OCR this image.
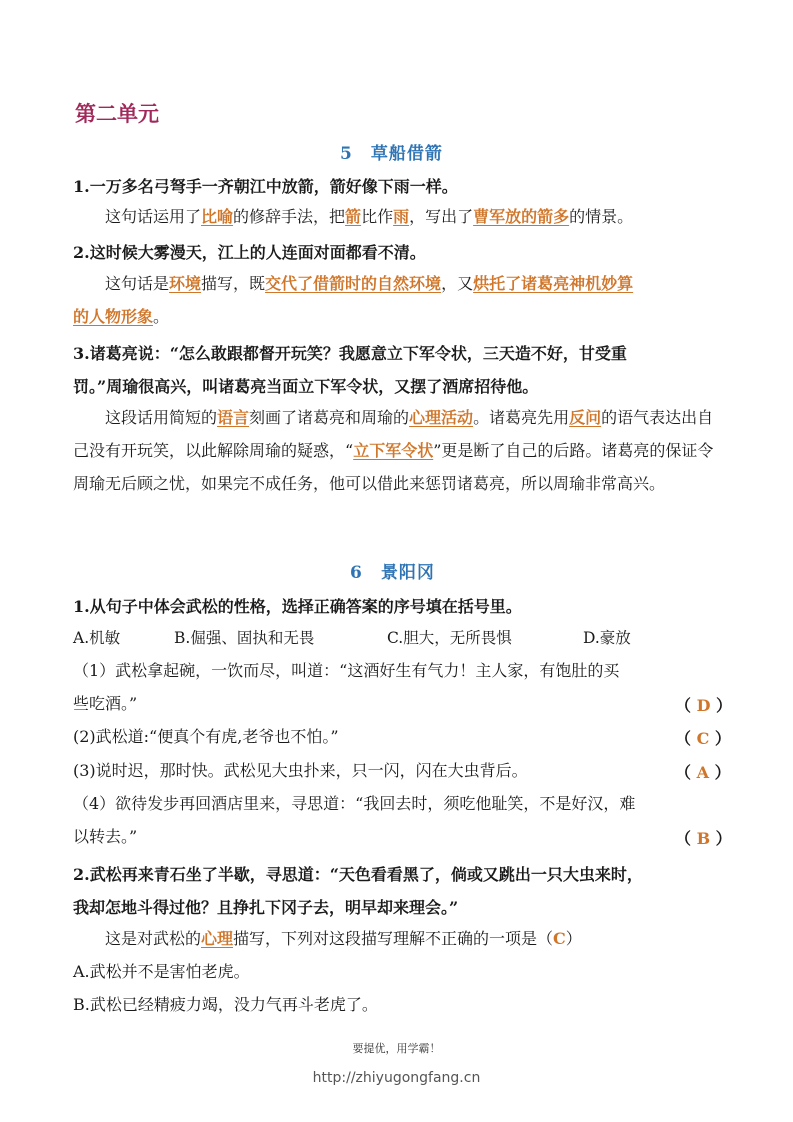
第二单元
5　草船借箭
1.一万多名弓弩手一齐朝江中放箭，箭好像下雨一样。
这句话运用了比喻的修辞手法，把箭比作雨，写出了曹军放的箭多的情景。
2.这时候大雾漫天，江上的人连面对面都看不清。
这句话是环境描写，既交代了借箭时的自然环境，又烘托了诸葛亮神机妙算
的人物形象。
3.诸葛亮说：“怎么敢跟都督开玩笑？我愿意立下军令状，三天造不好，甘受重
罚。”周瑜很高兴，叫诸葛亮当面立下军令状，又摆了酒席招待他。
这段话用简短的语言刻画了诸葛亮和周瑜的心理活动。诸葛亮先用反问的语气表达出自己没有开玩笑，以此解除周瑜的疑惑，“立下军令状”更是断了自己的后路。诸葛亮的保证令周瑜无后顾之忧，如果完不成任务，他可以借此来惩罚诸葛亮，所以周瑜非常高兴。
6　景阳冈
1.从句子中体会武松的性格，选择正确答案的序号填在括号里。
A.机敏	B.倔强、固执和无畏	C.胆大，无所畏惧	D.豪放
（1）武松拿起碗，一饮而尽，叫道：“这酒好生有气力！主人家，有饱肚的买
些吃酒。”	（ D ）
(2)武松道:“便真个有虎,老爷也不怕。”	（ C ）
(3)说时迟，那时快。武松见大虫扑来，只一闪，闪在大虫背后。	（ A ）
（4）欲待发步再回酒店里来，寻思道：“我回去时，须吃他耻笑，不是好汉，难
以转去。”	（ B ）
2.武松再来青石坐了半歇，寻思道：“天色看看黑了，倘或又跳出一只大虫来时，
我却怎地斗得过他？且挣扎下冈子去，明早却来理会。”
这是对武松的心理描写，下列对这段描写理解不正确的一项是（C）
A.武松并不是害怕老虎。
B.武松已经精疲力竭，没力气再斗老虎了。
要提优，用学霸！
http://zhiyugongfang.cn
